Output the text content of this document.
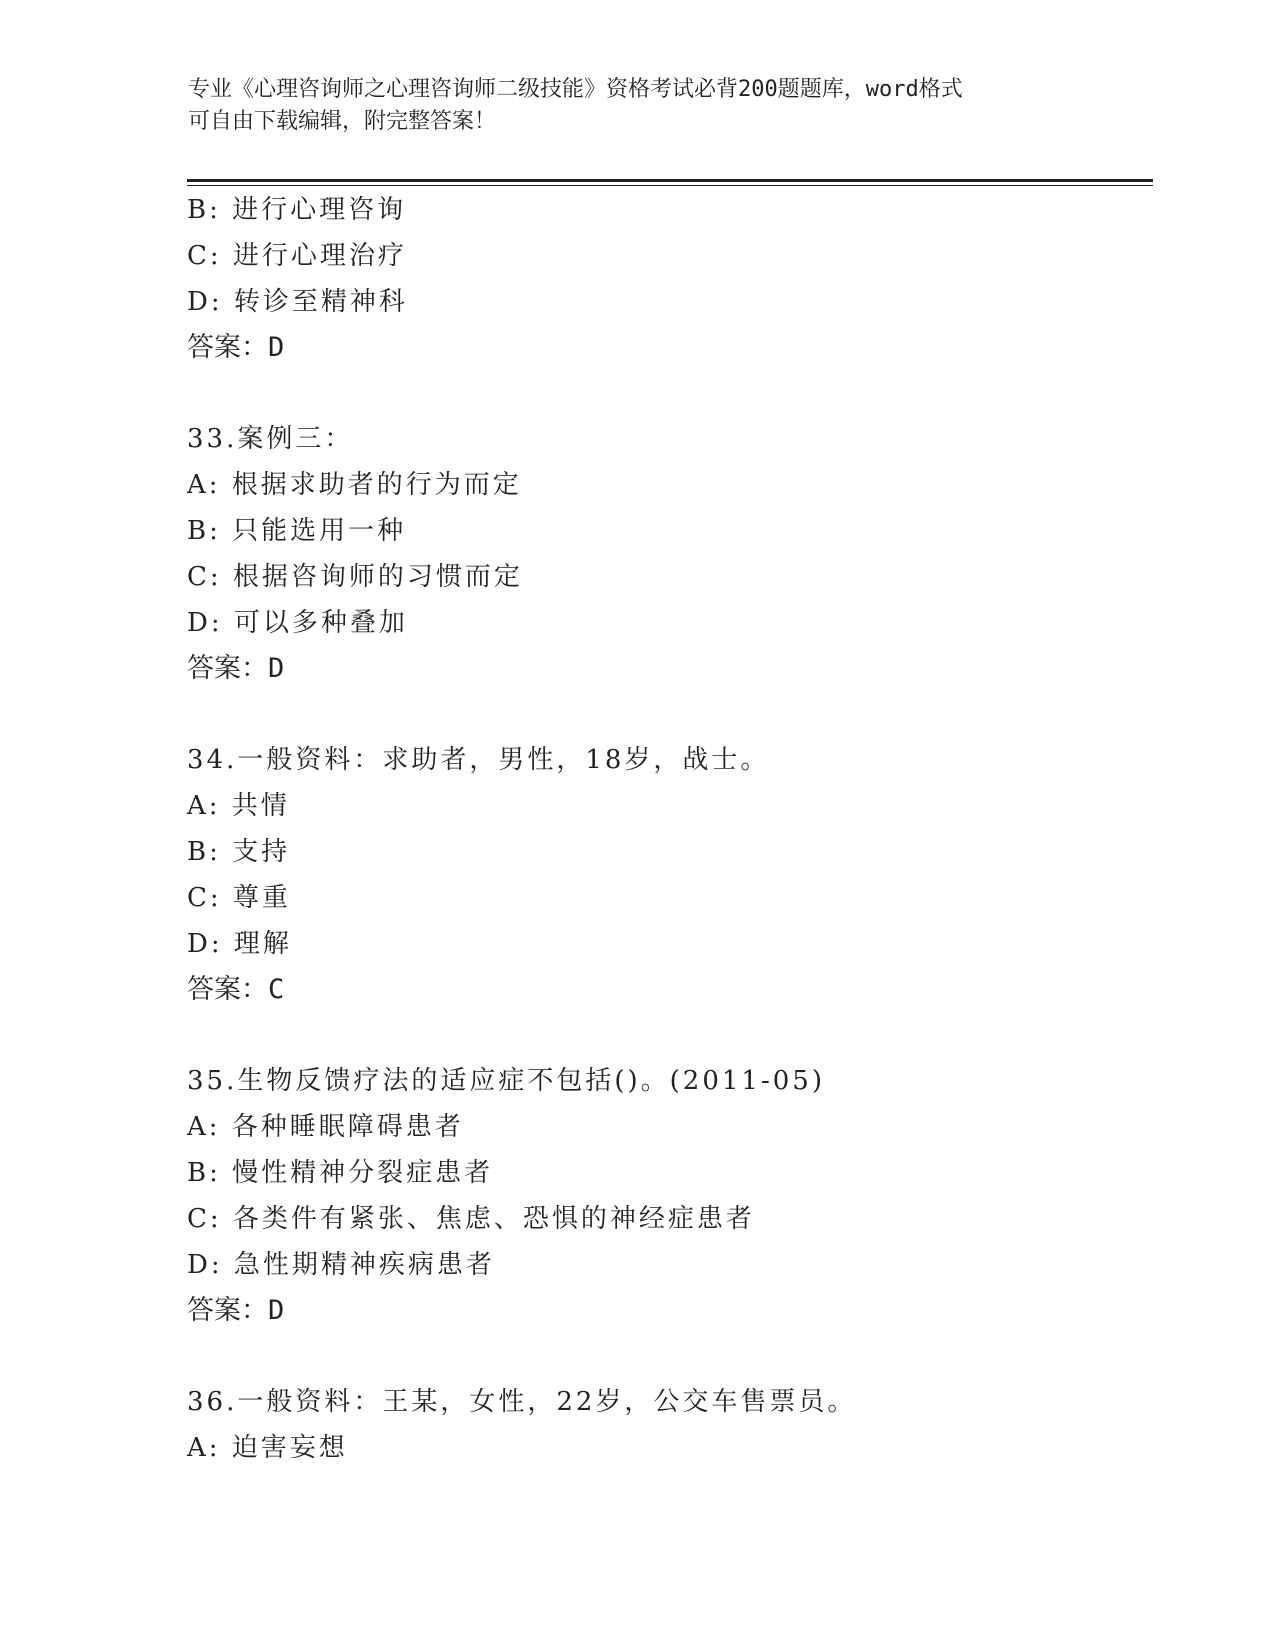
专业《心理咨询师之心理咨询师二级技能》资格考试必背200题题库，word格式
可自由下载编辑，附完整答案！
B: 进行心理咨询
C: 进行心理治疗
D: 转诊至精神科
答案：D
33.案例三：
A: 根据求助者的行为而定
B: 只能选用一种
C: 根据咨询师的习惯而定
D: 可以多种叠加
答案：D
34.一般资料：求助者，男性，18岁，战士。
A: 共情
B: 支持
C: 尊重
D: 理解
答案：C
35.生物反馈疗法的适应症不包括()。(2011-05)
A: 各种睡眠障碍患者
B: 慢性精神分裂症患者
C: 各类件有紧张、焦虑、恐惧的神经症患者
D: 急性期精神疾病患者
答案：D
36.一般资料：王某，女性，22岁，公交车售票员。
A: 迫害妄想
